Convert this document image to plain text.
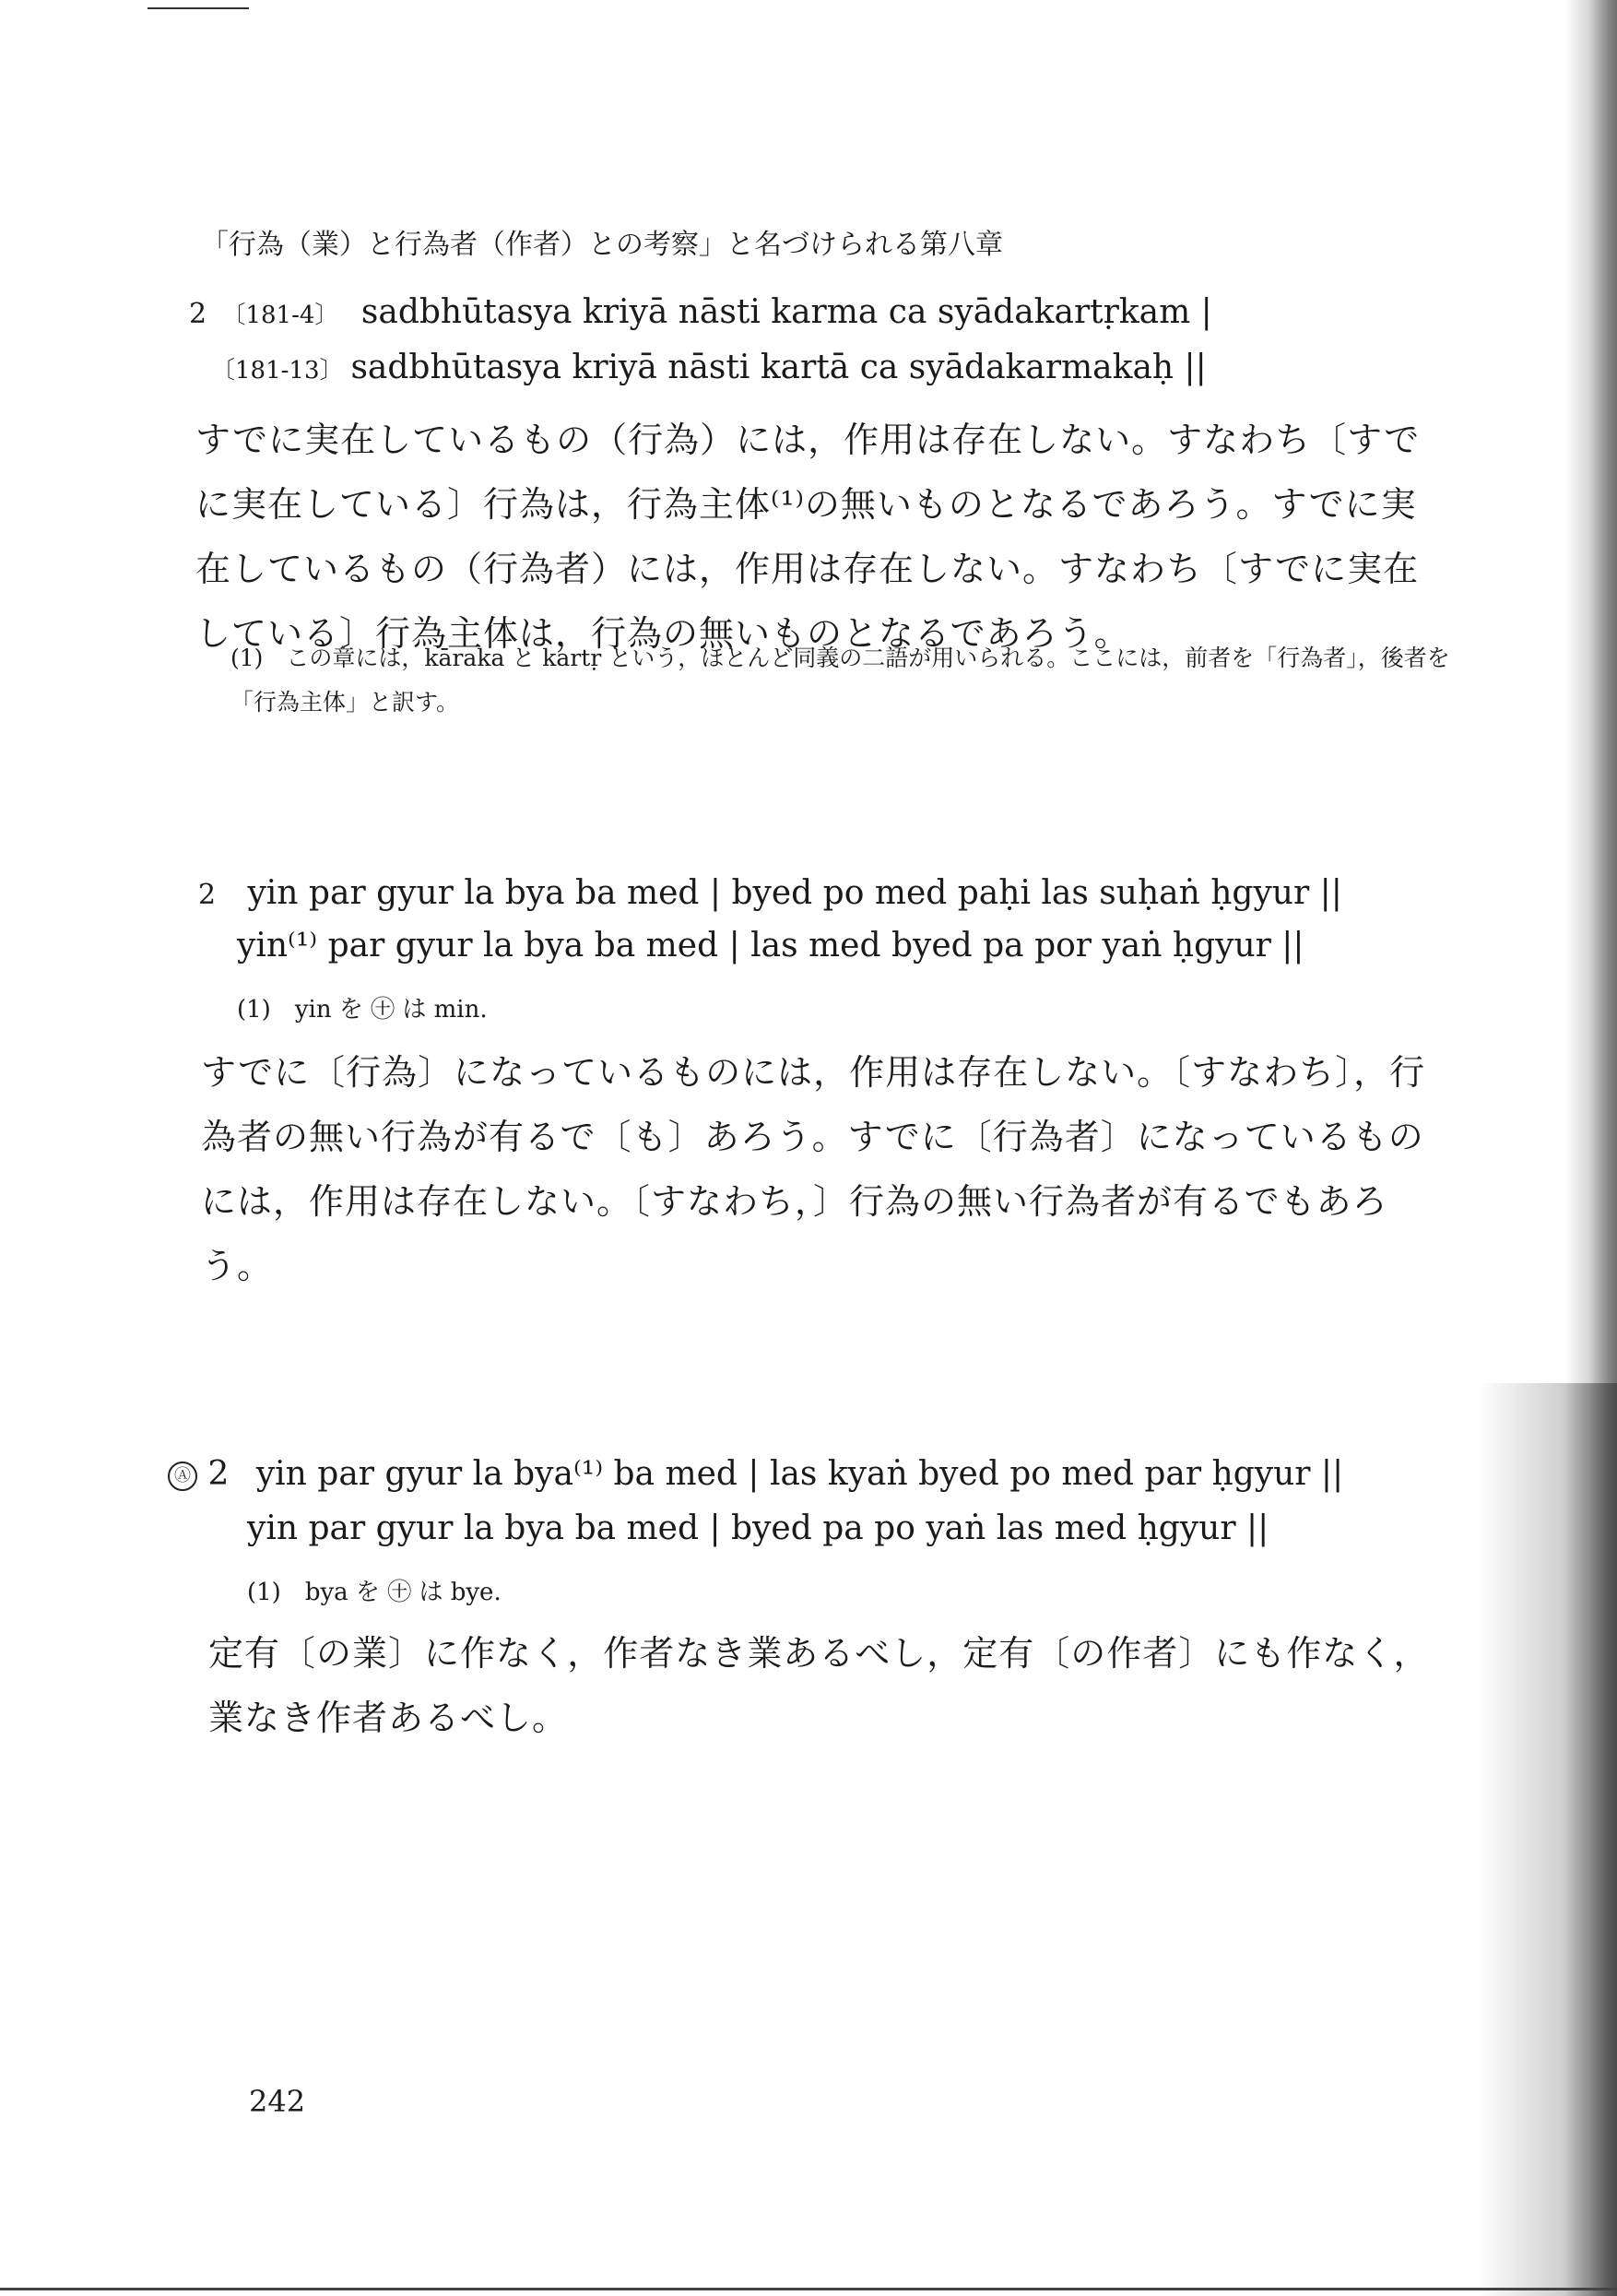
「行為（業）と行為者（作者）との考察」と名づけられる第八章
2 〔181-4〕 sadbhūtasya kriyā nāsti karma ca syādakartṛkam |
〔181-13〕 sadbhūtasya kriyā nāsti kartā ca syādakarmakaḥ ||
すでに実在しているもの（行為）には，作用は存在しない。すなわち〔すでに実在している〕行為は，行為主体⁽¹⁾の無いものとなるであろう。すでに実在しているもの（行為者）には，作用は存在しない。すなわち〔すでに実在している〕行為主体は，行為の無いものとなるであろう。
(1)　この章には，kāraka と kartṛ という，ほとんど同義の二語が用いられる。ここには，前者を「行為者」，後者を「行為主体」と訳す。
2 yin par gyur la bya ba med | byed po med paḥi las suḥaṅ ḥgyur ||
yin⁽¹⁾ par gyur la bya ba med | las med byed pa por yaṅ ḥgyur ||
(1)　yin を ㊉ は min.
すでに〔行為〕になっているものには，作用は存在しない。〔すなわち〕，行為者の無い行為が有るで〔も〕あろう。すでに〔行為者〕になっているものには，作用は存在しない。〔すなわち，〕行為の無い行為者が有るでもあろう。
Ⓐ 2 yin par gyur la bya⁽¹⁾ ba med | las kyaṅ byed po med par ḥgyur ||
yin par gyur la bya ba med | byed pa po yaṅ las med ḥgyur ||
(1)　bya を ㊉ は bye.
定有〔の業〕に作なく，作者なき業あるべし，定有〔の作者〕にも作なく，業なき作者あるべし。
242
